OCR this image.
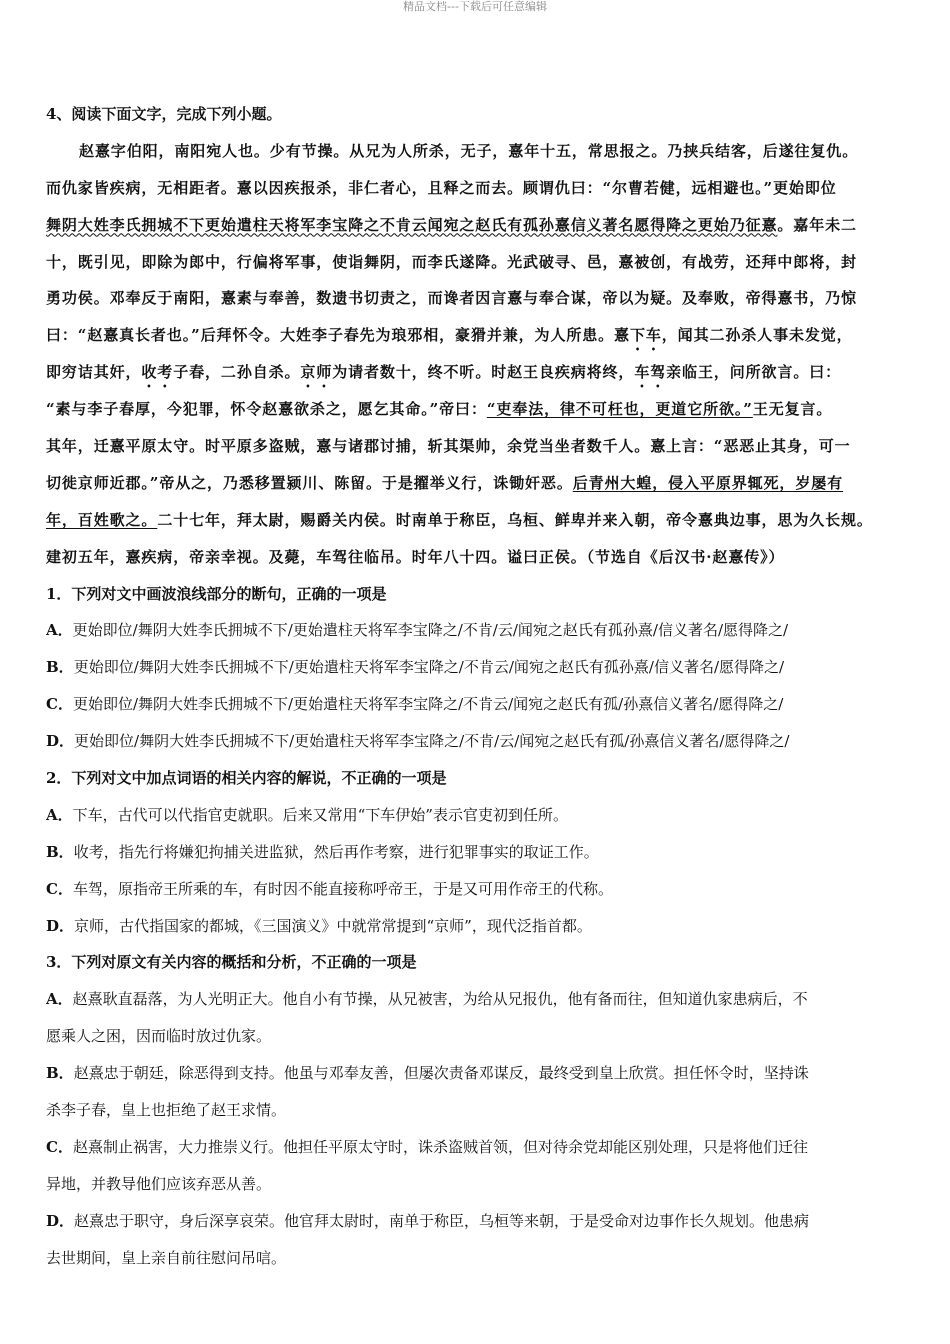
精品文档---下载后可任意编辑
4、阅读下面文字，完成下列小题。
赵憙字伯阳，南阳宛人也。少有节操。从兄为人所杀，无子，憙年十五，常思报之。乃挟兵结客，后遂往复仇。
而仇家皆疾病，无相距者。憙以因疾报杀，非仁者心，且释之而去。顾谓仇曰：“尔曹若健，远相避也。”更始即位
舞阴大姓李氏拥城不下更始遣柱天将军李宝降之不肯云闻宛之赵氏有孤孙憙信义著名愿得降之更始乃征憙。嘉年未二
十，既引见，即除为郎中，行偏将军事，使诣舞阴，而李氏遂降。光武破寻、邑，憙被创，有战劳，还拜中郎将，封
勇功侯。邓奉反于南阳，憙素与奉善，数遗书切责之，而谗者因言憙与奉合谋，帝以为疑。及奉败，帝得憙书，乃惊
曰：“赵憙真长者也。”后拜怀令。大姓李子春先为琅邪相，豪猾并兼，为人所患。憙下车，闻其二孙杀人事未发觉，
即穷诘其奸，收考子春，二孙自杀。京师为请者数十，终不听。时赵王良疾病将终，车驾亲临王，问所欲言。曰：
“素与李子春厚，今犯罪，怀令赵憙欲杀之，愿乞其命。”帝曰：“吏奉法，律不可枉也，更道它所欲。”王无复言。
其年，迁憙平原太守。时平原多盗贼，憙与诸郡讨捕，斩其渠帅，余党当坐者数千人。憙上言：“恶恶止其身，可一
切徙京师近郡。”帝从之，乃悉移置颍川、陈留。于是擢举义行，诛锄奸恶。后青州大蝗，侵入平原界辄死，岁屡有
年，百姓歌之。二十七年，拜太尉，赐爵关内侯。时南单于称臣，乌桓、鲜卑并来入朝，帝令憙典边事，思为久长规。
建初五年，憙疾病，帝亲幸视。及薨，车驾往临吊。时年八十四。谥曰正侯。（节选自《后汉书·赵憙传》）
1．下列对文中画波浪线部分的断句，正确的一项是
A．更始即位/舞阴大姓李氏拥城不下/更始遣柱天将军李宝降之/不肯/云/闻宛之赵氏有孤孙熹/信义著名/愿得降之/
B．更始即位/舞阴大姓李氏拥城不下/更始遣柱天将军李宝降之/不肯云/闻宛之赵氏有孤孙熹/信义著名/愿得降之/
C．更始即位/舞阴大姓李氏拥城不下/更始遣柱天将军李宝降之/不肯云/闻宛之赵氏有孤/孙熹信义著名/愿得降之/
D．更始即位/舞阴大姓李氏拥城不下/更始遣柱天将军李宝降之/不肯/云/闻宛之赵氏有孤/孙熹信义著名/愿得降之/
2．下列对文中加点词语的相关内容的解说，不正确的一项是
A．下车，古代可以代指官吏就职。后来又常用“下车伊始”表示官吏初到任所。
B．收考，指先行将嫌犯拘捕关进监狱，然后再作考察，进行犯罪事实的取证工作。
C．车驾，原指帝王所乘的车，有时因不能直接称呼帝王，于是又可用作帝王的代称。
D．京师，古代指国家的都城，《三国演义》中就常常提到“京师”，现代泛指首都。
3．下列对原文有关内容的概括和分析，不正确的一项是
A．赵熹耿直磊落，为人光明正大。他自小有节操，从兄被害，为给从兄报仇，他有备而往，但知道仇家患病后，不
愿乘人之困，因而临时放过仇家。
B．赵熹忠于朝廷，除恶得到支持。他虽与邓奉友善，但屡次责备邓谋反，最终受到皇上欣赏。担任怀令时，坚持诛
杀李子春，皇上也拒绝了赵王求情。
C．赵熹制止祸害，大力推崇义行。他担任平原太守时，诛杀盗贼首领，但对待余党却能区别处理，只是将他们迁往
异地，并教导他们应该弃恶从善。
D．赵熹忠于职守，身后深享哀荣。他官拜太尉时，南单于称臣，乌桓等来朝，于是受命对边事作长久规划。他患病
去世期间，皇上亲自前往慰问吊唁。
